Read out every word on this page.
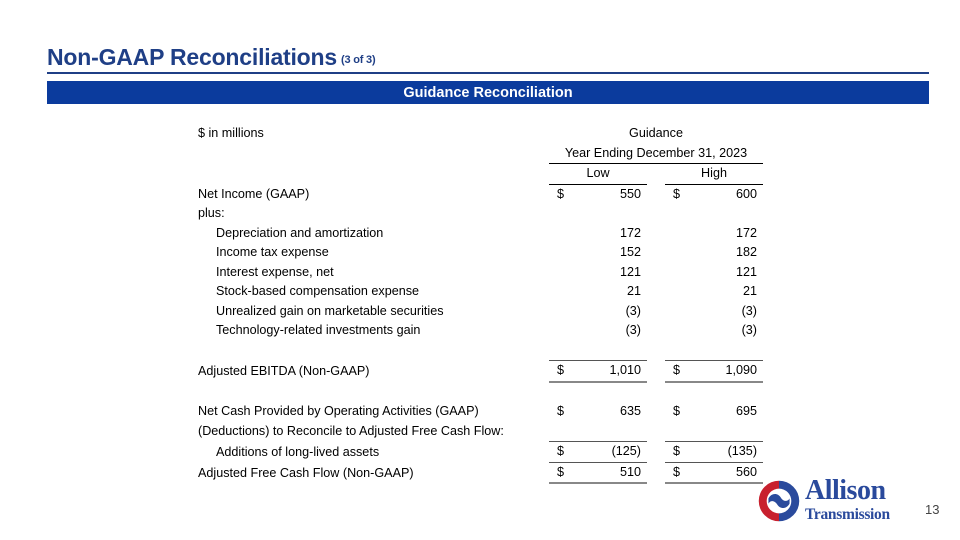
Non-GAAP Reconciliations (3 of 3)
Guidance Reconciliation
$ in millions	Guidance				
	Year Ending December 31, 2023				
	Low			High	
Net Income (GAAP)	$	550		$	600
plus:					
Depreciation and amortization		172			172
Income tax expense		152			182
Interest expense, net		121			121
Stock-based compensation expense		21			21
Unrealized gain on marketable securities		(3)			(3)
Technology-related investments gain		(3)			(3)

Adjusted EBITDA (Non-GAAP)	$	1,010		$	1,090

Net Cash Provided by Operating Activities (GAAP)	$	635		$	695
(Deductions) to Reconcile to Adjusted Free Cash Flow:					
Additions of long-lived assets	$	(125)		$	(135)
Adjusted Free Cash Flow (Non-GAAP)	$	510		$	560
Allison
Transmission	13
